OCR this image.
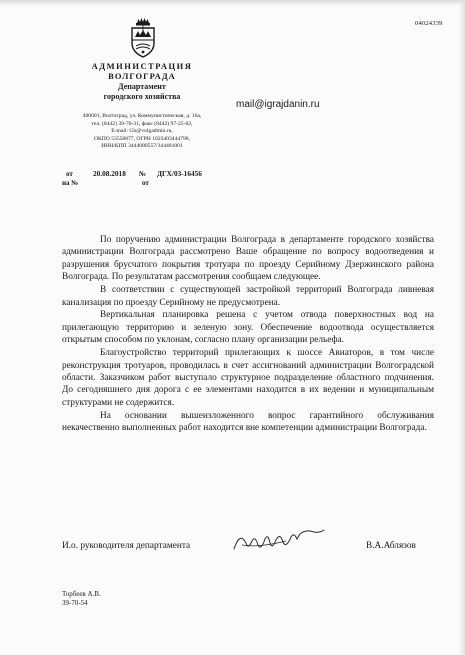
04024339
АДМИНИСТРАЦИЯ
ВОЛГОГРАДА
Департамент
городского хозяйства
400001, Волгоград, ул. Коммунистическая, д. 16а,
тел. (8442) 39-70-31, факс (8442) 97-25-02,
E-mail: Gh@volgadmin.ru,
ОКПО 53558877, ОГРН 1023403444790,
ИНН/КПП 3444080557/344401001
mail@igrajdanin.ru
от	20.08.2018 № ДГХ/03-16456
на №	от

По поручению администрации Волгограда в департаменте городского хозяйства администрации Волгограда рассмотрено Ваше обращение по вопросу водоотведения и разрушения брусчатого покрытия тротуара по проезду Серийному Дзержинского района Волгограда. По результатам рассмотрения сообщаем следующее.

В соответствии с существующей застройкой территорий Волгограда ливневая канализация по проезду Серийному не предусмотрена.

Вертикальная планировка решена с учетом отвода поверхностных вод на прилегающую территорию и зеленую зону. Обеспечение водоотвода осуществляется открытым способом по уклонам, согласно плану организации рельефа.

Благоустройство территорий прилегающих к шоссе Авиаторов, в том числе реконструкция тротуаров, проводилась в счет ассигнований администрации Волгоградской области. Заказчиком работ выступало структурное подразделение областного подчинения. До сегодняшнего дня дорога с ее элементами находится в их ведении и муниципальным структурами не содержится.

На основании вышеизложенного вопрос гарантийного обслуживания некачественно выполненных работ находится вне компетенции администрации Волгограда.

И.о. руководителя департамента	В.А.Аблязов
Торбеев А.В.
39-70-54
